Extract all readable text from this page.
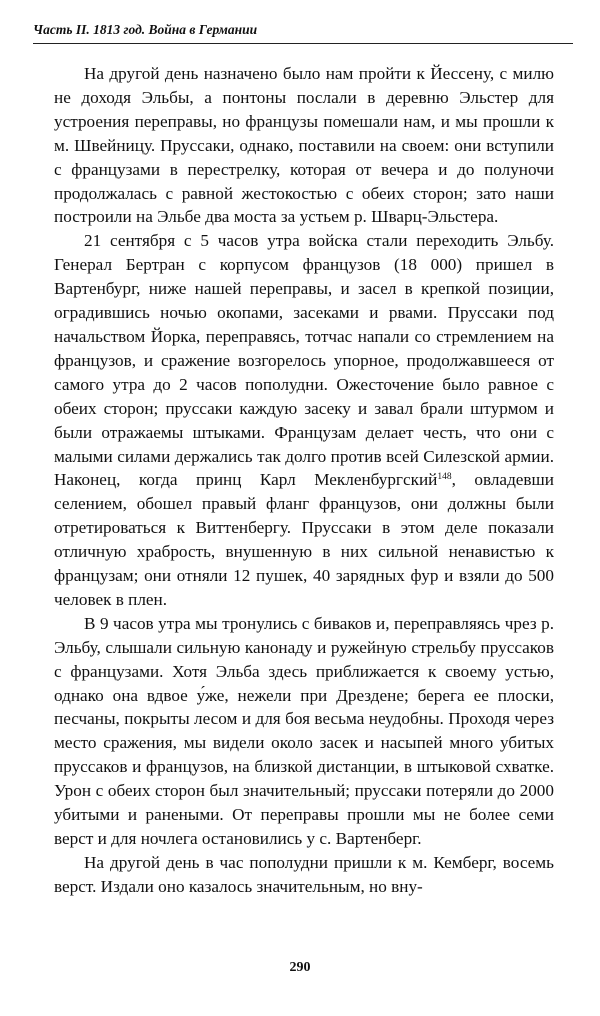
Часть II. 1813 год. Война в Германии

На другой день назначено было нам пройти к Йессену, с милю не доходя Эльбы, а понтоны послали в деревню Эльстер для устроения переправы, но французы помешали нам, и мы прошли к м. Швейницу. Пруссаки, однако, поставили на своем: они вступили с французами в перестрелку, которая от вечера и до полуночи продолжалась с равной жестокостью с обеих сторон; зато наши построили на Эльбе два моста за устьем р. Шварц-Эльстера.

21 сентября с 5 часов утра войска стали переходить Эльбу. Генерал Бертран с корпусом французов (18 000) пришел в Вартенбург, ниже нашей переправы, и засел в крепкой позиции, оградившись ночью окопами, засеками и рвами. Пруссаки под начальством Йорка, переправясь, тотчас напали со стремлением на французов, и сражение возгорелось упорное, продолжавшееся от самого утра до 2 часов пополудни. Ожесточение было равное с обеих сторон; пруссаки каждую засеку и завал брали штурмом и были отражаемы штыками. Французам делает честь, что они с малыми силами держались так долго против всей Силезской армии. Наконец, когда принц Карл Мекленбургский$^{148}$, овладевши селением, обошел правый фланг французов, они должны были отретироваться к Виттенбергу. Пруссаки в этом деле показали отличную храбрость, внушенную в них сильной ненавистью к французам; они отняли 12 пушек, 40 зарядных фур и взяли до 500 человек в плен.

В 9 часов утра мы тронулись с биваков и, переправляясь чрез р. Эльбу, слышали сильную канонаду и ружейную стрельбу пруссаков с французами. Хотя Эльба здесь приближается к своему устью, однако она вдвое у́же, нежели при Дрездене; берега ее плоски, песчаны, покрыты лесом и для боя весьма неудобны. Проходя через место сражения, мы видели около засек и насыпей много убитых пруссаков и французов, на близкой дистанции, в штыковой схватке. Урон с обеих сторон был значительный; пруссаки потеряли до 2000 убитыми и ранеными. От переправы прошли мы не более семи верст и для ночлега остановились у с. Вартенберг.

На другой день в час пополудни пришли к м. Кемберг, восемь верст. Издали оно казалось значительным, но вну-

290
